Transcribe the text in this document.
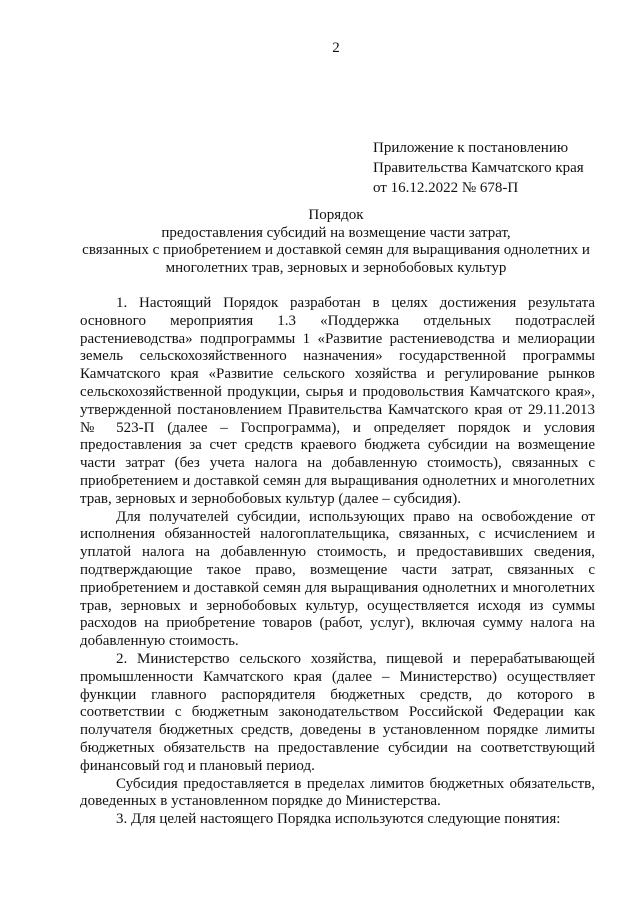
2
Приложение к постановлению
Правительства Камчатского края
от 16.12.2022 № 678-П
Порядок
предоставления субсидий на возмещение части затрат,
связанных с приобретением и доставкой семян для выращивания однолетних и
многолетних трав, зерновых и зернобобовых культур

1. Настоящий Порядок разработан в целях достижения результата основного мероприятия 1.3 «Поддержка отдельных подотраслей растениеводства» подпрограммы 1 «Развитие растениеводства и мелиорации земель сельскохозяйственного назначения» государственной программы Камчатского края «Развитие сельского хозяйства и регулирование рынков сельскохозяйственной продукции, сырья и продовольствия Камчатского края», утвержденной постановлением Правительства Камчатского края от 29.11.2013 № 523-П (далее – Госпрограмма), и определяет порядок и условия предоставления за счет средств краевого бюджета субсидии на возмещение части затрат (без учета налога на добавленную стоимость), связанных с приобретением и доставкой семян для выращивания однолетних и многолетних трав, зерновых и зернобобовых культур (далее – субсидия).

Для получателей субсидии, использующих право на освобождение от исполнения обязанностей налогоплательщика, связанных, с исчислением и уплатой налога на добавленную стоимость, и предоставивших сведения, подтверждающие такое право, возмещение части затрат, связанных с приобретением и доставкой семян для выращивания однолетних и многолетних трав, зерновых и зернобобовых культур, осуществляется исходя из суммы расходов на приобретение товаров (работ, услуг), включая сумму налога на добавленную стоимость.

2. Министерство сельского хозяйства, пищевой и перерабатывающей промышленности Камчатского края (далее – Министерство) осуществляет функции главного распорядителя бюджетных средств, до которого в соответствии с бюджетным законодательством Российской Федерации как получателя бюджетных средств, доведены в установленном порядке лимиты бюджетных обязательств на предоставление субсидии на соответствующий финансовый год и плановый период.

Субсидия предоставляется в пределах лимитов бюджетных обязательств, доведенных в установленном порядке до Министерства.

3. Для целей настоящего Порядка используются следующие понятия:
